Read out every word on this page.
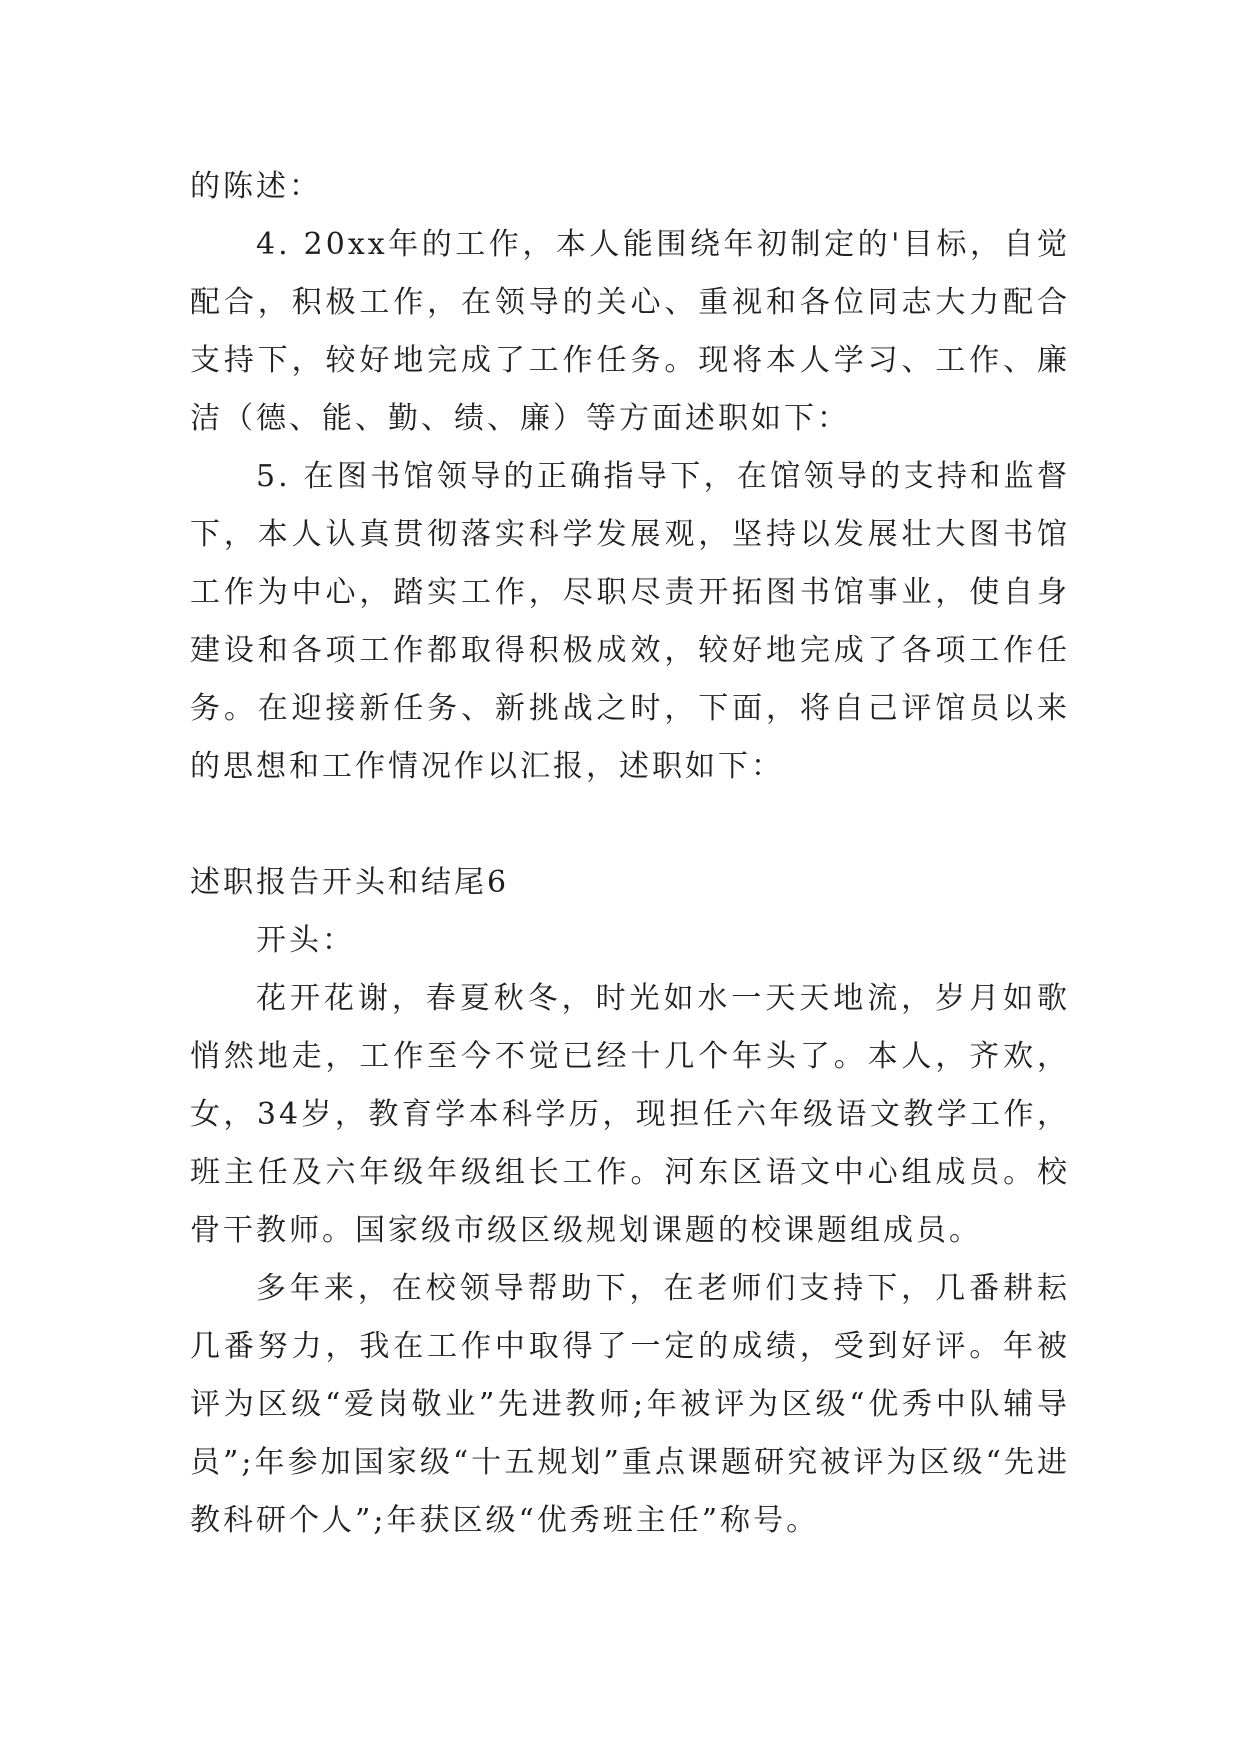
的陈述：

4. 20xx年的工作，本人能围绕年初制定的'目标，自觉配合，积极工作，在领导的关心、重视和各位同志大力配合支持下，较好地完成了工作任务。现将本人学习、工作、廉洁（德、能、勤、绩、廉）等方面述职如下：

5. 在图书馆领导的正确指导下，在馆领导的支持和监督下，本人认真贯彻落实科学发展观，坚持以发展壮大图书馆工作为中心，踏实工作，尽职尽责开拓图书馆事业，使自身建设和各项工作都取得积极成效，较好地完成了各项工作任务。在迎接新任务、新挑战之时，下面，将自己评馆员以来的思想和工作情况作以汇报，述职如下：

述职报告开头和结尾6

开头：

花开花谢，春夏秋冬，时光如水一天天地流，岁月如歌悄然地走，工作至今不觉已经十几个年头了。本人，齐欢，女，34岁，教育学本科学历，现担任六年级语文教学工作，班主任及六年级年级组长工作。河东区语文中心组成员。校骨干教师。国家级市级区级规划课题的校课题组成员。

多年来，在校领导帮助下，在老师们支持下，几番耕耘几番努力，我在工作中取得了一定的成绩，受到好评。年被评为区级“爱岗敬业”先进教师;年被评为区级“优秀中队辅导员”;年参加国家级“十五规划”重点课题研究被评为区级“先进教科研个人”;年获区级“优秀班主任”称号。
